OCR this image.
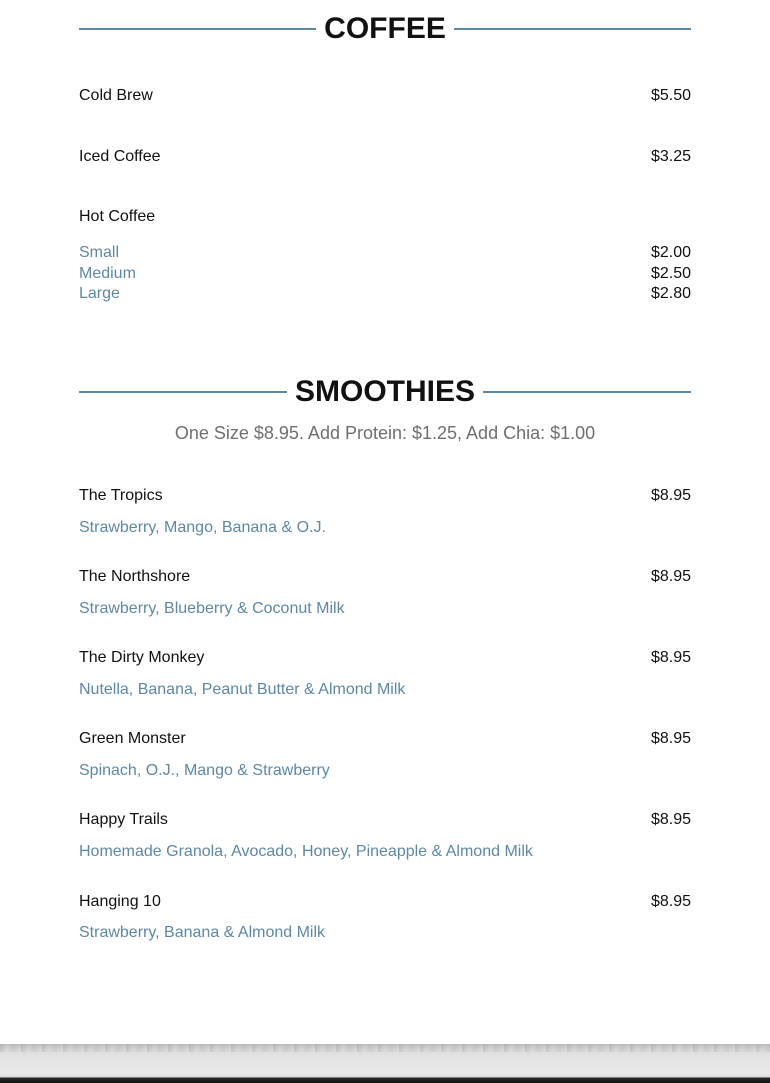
COFFEE
Cold Brew	$5.50
Iced Coffee	$3.25
Hot Coffee
Small	$2.00
Medium	$2.50
Large	$2.80
SMOOTHIES
One Size $8.95. Add Protein: $1.25, Add Chia: $1.00
The Tropics	$8.95
Strawberry, Mango, Banana & O.J.
The Northshore	$8.95
Strawberry, Blueberry & Coconut Milk
The Dirty Monkey	$8.95
Nutella, Banana, Peanut Butter & Almond Milk
Green Monster	$8.95
Spinach, O.J., Mango & Strawberry
Happy Trails	$8.95
Homemade Granola, Avocado, Honey, Pineapple & Almond Milk
Hanging 10	$8.95
Strawberry, Banana & Almond Milk
